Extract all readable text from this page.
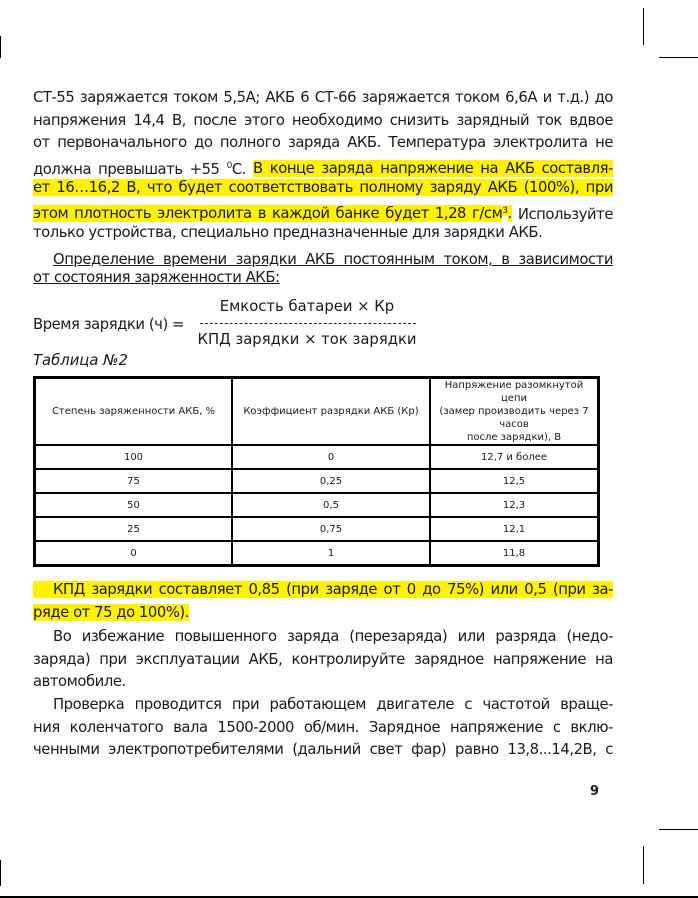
СТ-55 заряжается током 5,5А; АКБ 6 СТ-66 заряжается током 6,6А и т.д.) до

напряжения 14,4 В, после этого необходимо снизить зарядный ток вдвое

от первоначального до полного заряда АКБ. Температура электролита не

должна превышать +55 $^0$С. В конце заряда напряжение на АКБ составля-

ет 16…16,2 В, что будет соответствовать полному заряду АКБ (100%), при

этом плотность электролита в каждой банке будет 1,28 $г/см^3$. Используйте

только устройства, специально предназначенные для зарядки АКБ.

Определение времени зарядки АКБ постоянным током, в зависимости

от состояния заряженности АКБ:

Время зарядки (ч) =

Емкость батареи × Кр
КПД зарядки × ток зарядки
Таблица №2
Степень заряженности АКБ, %	Коэффициент разрядки АКБ (Кр)	Напряжение разомкнутой цепи
(замер производить через 7 часов
после зарядки), В
100	0	12,7 и более
75	0,25	12,5
50	0,5	12,3
25	0,75	12,1
0	1	11,8

КПД зарядки составляет 0,85 (при заряде от 0 до 75%) или 0,5 (при за-

ряде от 75 до 100%).

Во избежание повышенного заряда (перезаряда) или разряда (недо-

заряда) при эксплуатации АКБ, контролируйте зарядное напряжение на

автомобиле.

Проверка проводится при работающем двигателе с частотой враще-

ния коленчатого вала 1500-2000 об/мин. Зарядное напряжение с вклю-

ченными электропотребителями (дальний свет фар) равно 13,8...14,2В, с

9
